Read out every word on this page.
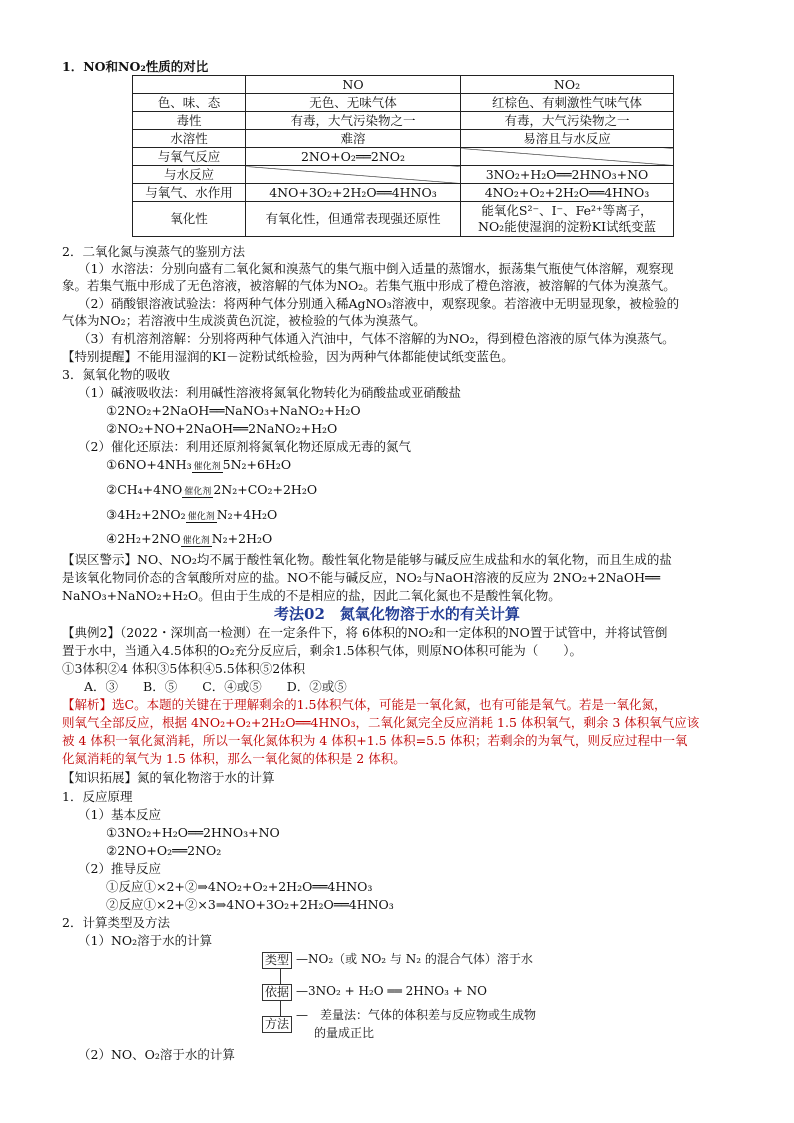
1．NO和NO₂性质的对比
	NO	NO₂
色、味、态	无色、无味气体	红棕色、有刺激性气味气体
毒性	有毒，大气污染物之一	有毒，大气污染物之一
水溶性	难溶	易溶且与水反应
与氧气反应	2NO+O₂══2NO₂	
与水反应		3NO₂+H₂O══2HNO₃+NO
与氧气、水作用	4NO+3O₂+2H₂O══4HNO₃	4NO₂+O₂+2H₂O══4HNO₃
氧化性	有氧化性，但通常表现强还原性	能氧化S²⁻、I⁻、Fe²⁺等离子，
NO₂能使湿润的淀粉KI试纸变蓝
2．二氧化氮与溴蒸气的鉴别方法
（1）水溶法：分别向盛有二氧化氮和溴蒸气的集气瓶中倒入适量的蒸馏水，振荡集气瓶使气体溶解，观察现
象。若集气瓶中形成了无色溶液，被溶解的气体为NO₂。若集气瓶中形成了橙色溶液，被溶解的气体为溴蒸气。
（2）硝酸银溶液试验法：将两种气体分别通入稀AgNO₃溶液中，观察现象。若溶液中无明显现象，被检验的
气体为NO₂；若溶液中生成淡黄色沉淀，被检验的气体为溴蒸气。
（3）有机溶剂溶解：分别将两种气体通入汽油中，气体不溶解的为NO₂，得到橙色溶液的原气体为溴蒸气。
【特别提醒】不能用湿润的KI－淀粉试纸检验，因为两种气体都能使试纸变蓝色。
3．氮氧化物的吸收
（1）碱液吸收法：利用碱性溶液将氮氧化物转化为硝酸盐或亚硝酸盐
①2NO₂+2NaOH══NaNO₃+NaNO₂+H₂O
②NO₂+NO+2NaOH══2NaNO₂+H₂O
（2）催化还原法：利用还原剂将氮氧化物还原成无毒的氮气
①6NO+4NH₃ 催化剂 5N₂+6H₂O
②CH₄+4NO 催化剂 2N₂+CO₂+2H₂O
③4H₂+2NO₂ 催化剂 N₂+4H₂O
④2H₂+2NO 催化剂 N₂+2H₂O
【误区警示】NO、NO₂均不属于酸性氧化物。酸性氧化物是能够与碱反应生成盐和水的氧化物，而且生成的盐
是该氧化物同价态的含氧酸所对应的盐。NO不能与碱反应，NO₂与NaOH溶液的反应为 2NO₂+2NaOH══
NaNO₃+NaNO₂+H₂O。但由于生成的不是相应的盐，因此二氧化氮也不是酸性氧化物。
考法02　氮氧化物溶于水的有关计算
【典例2】（2022・深圳高一检测）在一定条件下，将 6体积的NO₂和一定体积的NO置于试管中，并将试管倒
置于水中，当通入4.5体积的O₂充分反应后，剩余1.5体积气体，则原NO体积可能为（　　）。
①3体积②4 体积③5体积④5.5体积⑤2体积
A．③　　B．⑤　　C．④或⑤　　D．②或⑤
【解析】选C。本题的关键在于理解剩余的1.5体积气体，可能是一氧化氮，也有可能是氧气。若是一氧化氮，
则氧气全部反应，根据 4NO₂+O₂+2H₂O══4HNO₃，二氧化氮完全反应消耗 1.5 体积氧气，剩余 3 体积氧气应该
被 4 体积一氧化氮消耗，所以一氧化氮体积为 4 体积+1.5 体积=5.5 体积；若剩余的为氧气，则反应过程中一氧
化氮消耗的氧气为 1.5 体积，那么一氧化氮的体积是 2 体积。
【知识拓展】氮的氧化物溶于水的计算
1．反应原理
（1）基本反应
①3NO₂+H₂O══2HNO₃+NO
②2NO+O₂══2NO₂
（2）推导反应
①反应①×2+②⇒4NO₂+O₂+2H₂O══4HNO₃
②反应①×2+②×3⇒4NO+3O₂+2H₂O══4HNO₃
2．计算类型及方法
（1）NO₂溶于水的计算
类型 —NO₂（或 NO₂ 与 N₂ 的混合气体）溶于水
依据 —3NO₂ + H₂O ══ 2HNO₃ + NO
方法
—　差量法：气体的体积差与反应物或生成物
的量成正比
（2）NO、O₂溶于水的计算
